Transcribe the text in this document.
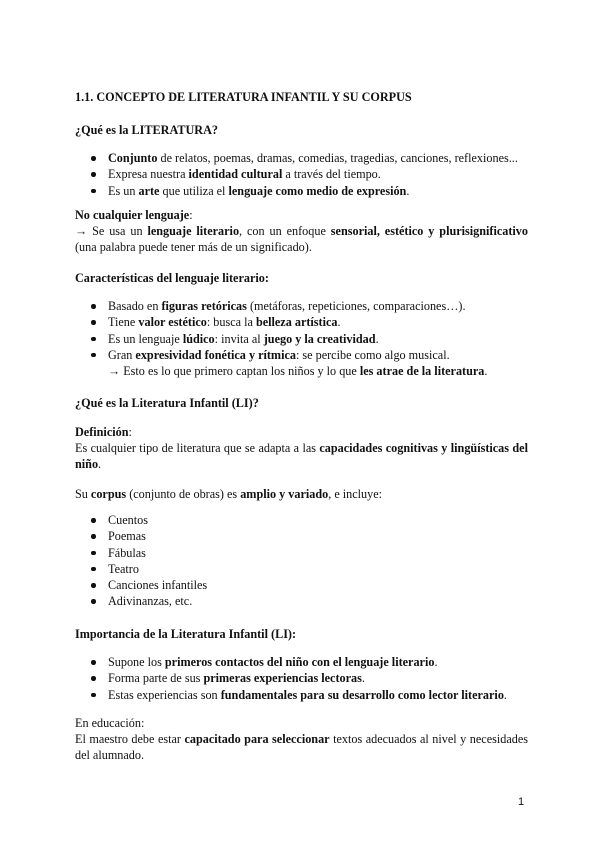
1.1. CONCEPTO DE LITERATURA INFANTIL Y SU CORPUS
¿Qué es la LITERATURA?
Conjunto de relatos, poemas, dramas, comedias, tragedias, canciones, reflexiones...
Expresa nuestra identidad cultural a través del tiempo.
Es un arte que utiliza el lenguaje como medio de expresión.
No cualquier lenguaje:
→ Se usa un lenguaje literario, con un enfoque sensorial, estético y plurisignificativo (una palabra puede tener más de un significado).
Características del lenguaje literario:
Basado en figuras retóricas (metáforas, repeticiones, comparaciones…).
Tiene valor estético: busca la belleza artística.
Es un lenguaje lúdico: invita al juego y la creatividad.
Gran expresividad fonética y rítmica: se percibe como algo musical.
→ Esto es lo que primero captan los niños y lo que les atrae de la literatura.
¿Qué es la Literatura Infantil (LI)?
Definición:
Es cualquier tipo de literatura que se adapta a las capacidades cognitivas y lingüísticas del niño.
Su corpus (conjunto de obras) es amplio y variado, e incluye:
Cuentos
Poemas
Fábulas
Teatro
Canciones infantiles
Adivinanzas, etc.
Importancia de la Literatura Infantil (LI):
Supone los primeros contactos del niño con el lenguaje literario.
Forma parte de sus primeras experiencias lectoras.
Estas experiencias son fundamentales para su desarrollo como lector literario.
En educación:
El maestro debe estar capacitado para seleccionar textos adecuados al nivel y necesidades del alumnado.
1
